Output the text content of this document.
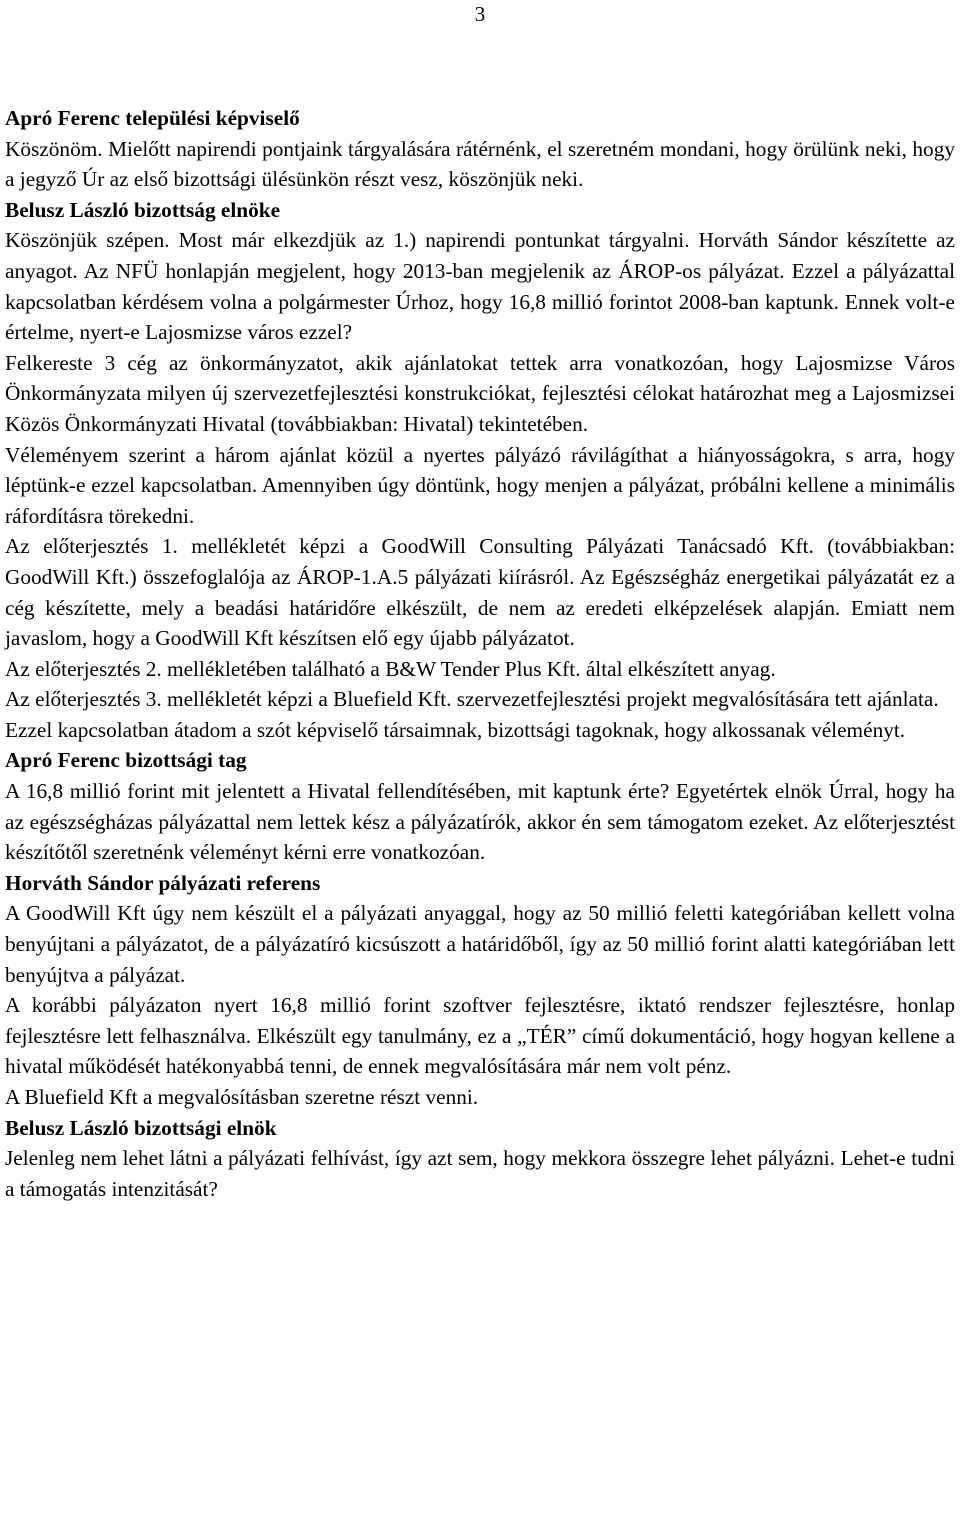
3

Apró Ferenc települési képviselő

Köszönöm. Mielőtt napirendi pontjaink tárgyalására rátérnénk, el szeretném mondani, hogy örülünk neki, hogy a jegyző Úr az első bizottsági ülésünkön részt vesz, köszönjük neki.

Belusz László bizottság elnöke

Köszönjük szépen. Most már elkezdjük az 1.) napirendi pontunkat tárgyalni. Horváth Sándor készítette az anyagot. Az NFÜ honlapján megjelent, hogy 2013-ban megjelenik az ÁROP-os pályázat. Ezzel a pályázattal kapcsolatban kérdésem volna a polgármester Úrhoz, hogy 16,8 millió forintot 2008-ban kaptunk. Ennek volt-e értelme, nyert-e Lajosmizse város ezzel?

Felkereste 3 cég az önkormányzatot, akik ajánlatokat tettek arra vonatkozóan, hogy Lajosmizse Város Önkormányzata milyen új szervezetfejlesztési konstrukciókat, fejlesztési célokat határozhat meg a Lajosmizsei Közös Önkormányzati Hivatal (továbbiakban: Hivatal) tekintetében.

Véleményem szerint a három ajánlat közül a nyertes pályázó rávilágíthat a hiányosságokra, s arra, hogy léptünk-e ezzel kapcsolatban. Amennyiben úgy döntünk, hogy menjen a pályázat, próbálni kellene a minimális ráfordításra törekedni.

Az előterjesztés 1. mellékletét képzi a GoodWill Consulting Pályázati Tanácsadó Kft. (továbbiakban: GoodWill Kft.) összefoglalója az ÁROP-1.A.5 pályázati kiírásról. Az Egészségház energetikai pályázatát ez a cég készítette, mely a beadási határidőre elkészült, de nem az eredeti elképzelések alapján. Emiatt nem javaslom, hogy a GoodWill Kft készítsen elő egy újabb pályázatot.

Az előterjesztés 2. mellékletében található a B&W Tender Plus Kft. által elkészített anyag.

Az előterjesztés 3. mellékletét képzi a Bluefield Kft. szervezetfejlesztési projekt megvalósítására tett ajánlata.

Ezzel kapcsolatban átadom a szót képviselő társaimnak, bizottsági tagoknak, hogy alkossanak véleményt.

Apró Ferenc bizottsági tag

A 16,8 millió forint mit jelentett a Hivatal fellendítésében, mit kaptunk érte? Egyetértek elnök Úrral, hogy ha az egészségházas pályázattal nem lettek kész a pályázatírók, akkor én sem támogatom ezeket. Az előterjesztést készítőtől szeretnénk véleményt kérni erre vonatkozóan.

Horváth Sándor pályázati referens

A GoodWill Kft úgy nem készült el a pályázati anyaggal, hogy az 50 millió feletti kategóriában kellett volna benyújtani a pályázatot, de a pályázatíró kicsúszott a határidőből, így az 50 millió forint alatti kategóriában lett benyújtva a pályázat.

A korábbi pályázaton nyert 16,8 millió forint szoftver fejlesztésre, iktató rendszer fejlesztésre, honlap fejlesztésre lett felhasználva. Elkészült egy tanulmány, ez a „TÉR” című dokumentáció, hogy hogyan kellene a hivatal működését hatékonyabbá tenni, de ennek megvalósítására már nem volt pénz.

A Bluefield Kft a megvalósításban szeretne részt venni.

Belusz László bizottsági elnök

Jelenleg nem lehet látni a pályázati felhívást, így azt sem, hogy mekkora összegre lehet pályázni. Lehet-e tudni a támogatás intenzitását?
